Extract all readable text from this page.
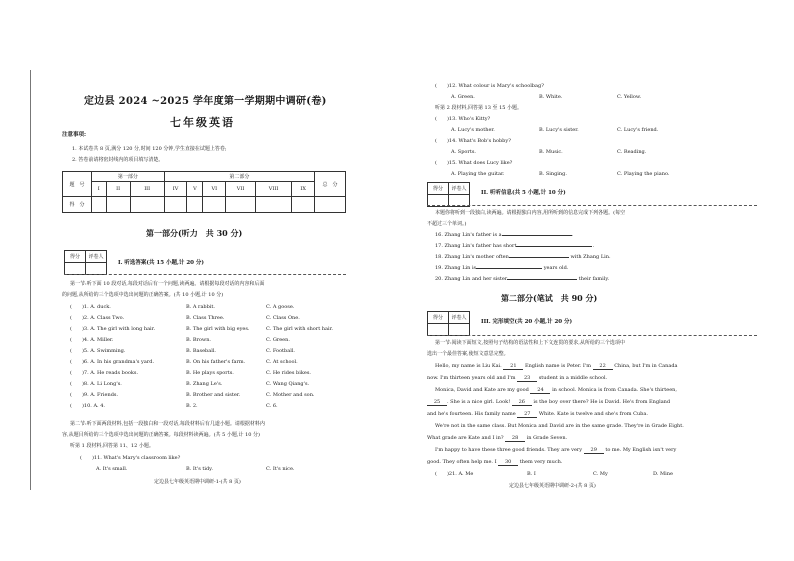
定边县 2024 ~2025 学年度第一学期期中调研(卷)
七年级英语
注意事项:
1. 本试卷共 8 页,满分 120 分,时间 120 分钟,学生直接在试题上答卷;
2. 答卷前请将密封线内的项目填写清楚。
题　号	第一部分			第二部分						总　分
	I	II	III	IV	V	VI	VII	VIII	IX	
得　分										
第一部分(听力　共 30 分)
得分	评卷人

I. 听选答案(共 15 小题,计 20 分)
第一节:听下面 10 段对话,每段对话后有一个问题,读两遍。请根据每段对话的内容和后面
的问题,从所给的三个选项中选出问题的正确答案。(共 10 小题,计 10 分)
(　　)1. A. duck.	B. A rabbit.	C. A goose.
(　　)2. A. Class Two.	B. Class Three.	C. Class One.
(　　)3. A. The girl with long hair.	B. The girl with big eyes.	C. The girl with short hair.
(　　)4. A. Miller.	B. Brown.	C. Green.
(　　)5. A. Swimming.	B. Baseball.	C. Football.
(　　)6. A. In his grandma's yard.	B. On his father's farm.	C. At school.
(　　)7. A. He reads books.	B. He plays sports.	C. He rides bikes.
(　　)8. A. Li Long's.	B. Zhang Le's.	C. Wang Qiang's.
(　　)9. A. Friends.	B. Brother and sister.	C. Mother and son.
(　　)10. A. 4.	B. 2.	C. 6.
第二节:听下面两段材料,包括一段独白和一段对话,每段材料后有几道小题。请根据材料内
容,从题目所给的三个选项中选出问题的正确答案。每段材料读两遍。(共 5 小题,计 10 分)
听第 1 段材料,回答第 11、12 小题。
(　　)11. What's Mary's classroom like?
A. It's small.	B. It's tidy.	C. It's nice.
定边县七年级英语期中调研-1-(共 8 页)
(　　)12. What colour is Mary's schoolbag?
A. Green.	B. White.	C. Yellow.
听第 2 段材料,回答第 13 至 15 小题。
(　　)13. Who's Kitty?
A. Lucy's mother.	B. Lucy's sister.	C. Lucy's friend.
(　　)14. What's Bob's hobby?
A. Sports.	B. Music.	C. Reading.
(　　)15. What does Lucy like?
A. Playing the guitar.	B. Singing.	C. Playing the piano.
得分	评卷人

II. 听听信息(共 5 小题,计 10 分)
本题你将听到一段独白,读两遍。请根据独白内容,用所听到的信息完成下列各题。(每空
不超过三个单词。)
16. Zhang Lin's father is a	.
17. Zhang Lin's father has short	.
18. Zhang Lin's mother often	with Zhang Lin.
19. Zhang Lin is	years old.
20. Zhang Lin and her sister	their family.
第二部分(笔试　共 90 分)
得分	评卷人

III. 完形填空(共 20 小题,计 20 分)
第一节:阅读下面短文,按照句子结构的语法性和上下文连贯的要求,从所给的三个选项中
选出一个最佳答案,使短文意思完整。
Hello, my name is Liu Kai. 21 English name is Peter. I'm 22 China, but I'm in Canada
now. I'm thirteen years old and I'm 23 student in a middle school.
Monica, David and Kate are my good 24 in school. Monica is from Canada. She's thirteen,
25 . She is a nice girl. Look! 26 is the boy over there? He is David. He's from England
and he's fourteen. His family name 27 White. Kate is twelve and she's from Cuba.
We're not in the same class. But Monica and David are in the same grade. They're in Grade Eight.
What grade are Kate and I in? 28 in Grade Seven.
I'm happy to have these three good friends. They are very 29 to me. My English isn't very
good. They often help me. I 30 them very much.
(　　)21. A. Me	B. I	C. My	D. Mine
定边县七年级英语期中调研-2-(共 8 页)
